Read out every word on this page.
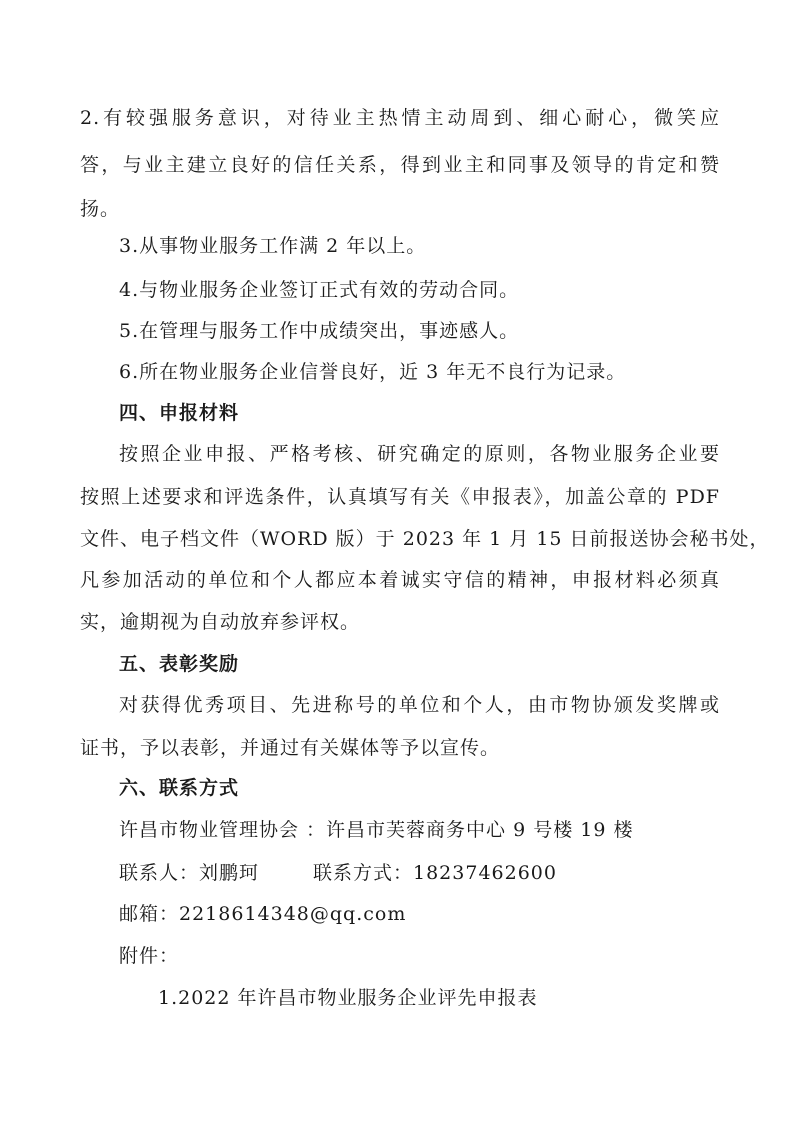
2.有较强服务意识，对待业主热情主动周到、细心耐心，微笑应
答，与业主建立良好的信任关系，得到业主和同事及领导的肯定和赞
扬。
3.从事物业服务工作满 2 年以上。
4.与物业服务企业签订正式有效的劳动合同。
5.在管理与服务工作中成绩突出，事迹感人。
6.所在物业服务企业信誉良好，近 3 年无不良行为记录。
四、申报材料
按照企业申报、严格考核、研究确定的原则，各物业服务企业要
按照上述要求和评选条件，认真填写有关《申报表》，加盖公章的 PDF
文件、电子档文件（WORD 版）于 2023 年 1 月 15 日前报送协会秘书处，
凡参加活动的单位和个人都应本着诚实守信的精神，申报材料必须真
实，逾期视为自动放弃参评权。
五、表彰奖励
对获得优秀项目、先进称号的单位和个人，由市物协颁发奖牌或
证书，予以表彰，并通过有关媒体等予以宣传。
六、联系方式
许昌市物业管理协会 ：许昌市芙蓉商务中心 9 号楼 19 楼
联系人：刘鹏珂	联系方式：18237462600
邮箱：2218614348@qq.com
附件：
1.2022 年许昌市物业服务企业评先申报表
